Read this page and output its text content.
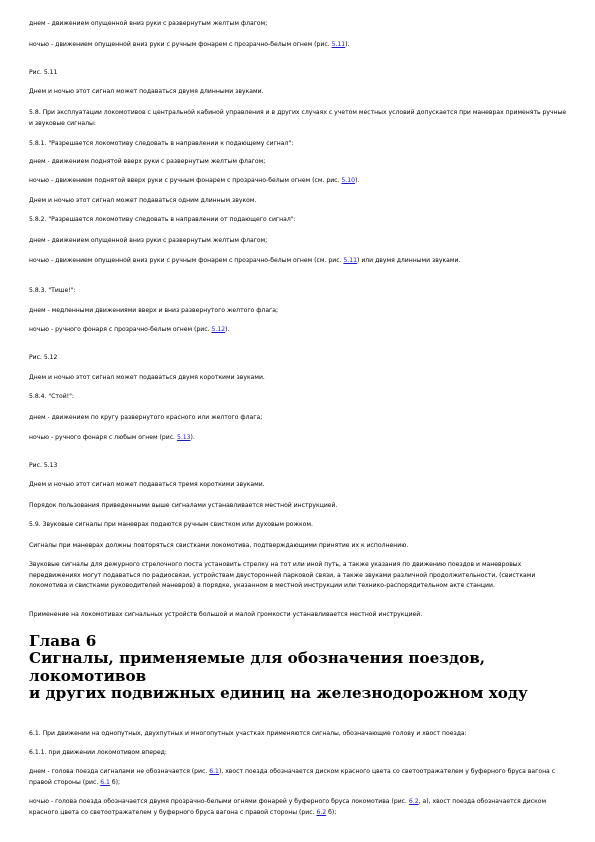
днем - движением опущенной вниз руки с развернутым желтым флагом;

ночью - движением опущенной вниз руки с ручным фонарем с прозрачно-белым огнем (рис. 5.11).

Рис. 5.11

Днем и ночью этот сигнал может подаваться двумя длинными звуками.

5.8. При эксплуатации локомотивов с центральной кабиной управления и в других случаях с учетом местных условий допускается при маневрах применять ручные и звуковые сигналы:

5.8.1. "Разрешается локомотиву следовать в направлении к подающему сигнал":

днем - движением поднятой вверх руки с развернутым желтым флагом;

ночью - движением поднятой вверх руки с ручным фонарем с прозрачно-белым огнем (см. рис. 5.10).

Днем и ночью этот сигнал может подаваться одним длинным звуком.

5.8.2. "Разрешается локомотиву следовать в направлении от подающего сигнал":

днем - движением опущенной вниз руки с развернутым желтым флагом;

ночью - движением опущенной вниз руки с ручным фонарем с прозрачно-белым огнем (см. рис. 5.11) или двумя длинными звуками.

5.8.3. "Тише!":

днем - медленными движениями вверх и вниз развернутого желтого флага;

ночью - ручного фонаря с прозрачно-белым огнем (рис. 5.12).

Рис. 5.12

Днем и ночью этот сигнал может подаваться двумя короткими звуками.

5.8.4. "Стой!":

днем - движением по кругу развернутого красного или желтого флага;

ночью - ручного фонаря с любым огнем (рис. 5.13).

Рис. 5.13

Днем и ночью этот сигнал может подаваться тремя короткими звуками.

Порядок пользования приведенными выше сигналами устанавливается местной инструкцией.

5.9. Звуковые сигналы при маневрах подаются ручным свистком или духовым рожком.

Сигналы при маневрах должны повторяться свистками локомотива, подтверждающими принятие их к исполнению.

Звуковые сигналы для дежурного стрелочного поста установить стрелку на тот или иной путь, а также указания по движению поездов и маневровых передвижениях могут подаваться по радиосвязи, устройствам двусторонней парковой связи, а также звуками различной продолжительности, (свистками локомотива и свистками руководителей маневров) в порядке, указанном в местной инструкции или технико-распорядительном акте станции.

Применение на локомотивах сигнальных устройств большой и малой громкости устанавливается местной инструкцией.

Глава 6
Сигналы, применяемые для обозначения поездов,
локомотивов
и других подвижных единиц на железнодорожном ходу

6.1. При движении на однопутных, двухпутных и многопутных участках применяются сигналы, обозначающие голову и хвост поезда:

6.1.1. при движении локомотивом вперед:

днем - голова поезда сигналами не обозначается (рис. 6.1), хвост поезда обозначается диском красного цвета со светоотражателем у буферного бруса вагона с правой стороны (рис. 6.1 б);

ночью - голова поезда обозначается двумя прозрачно-белыми огнями фонарей у буферного бруса локомотива (рис. 6.2, а), хвост поезда обозначается диском красного цвета со светоотражателем у буферного бруса вагона с правой стороны (рис. 6.2 б);
